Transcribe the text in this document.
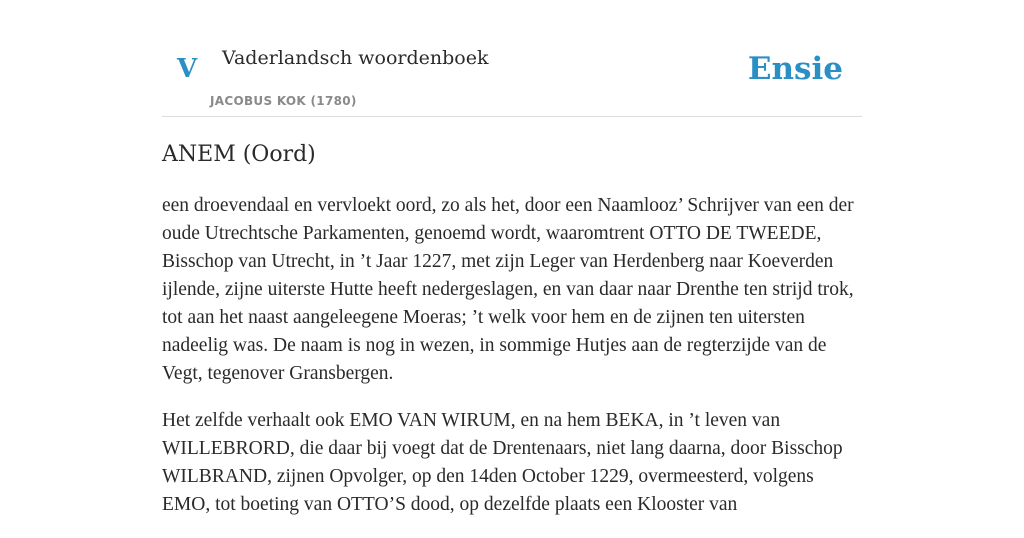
V Vaderlandsch woordenboek
JACOBUS KOK (1780)
Ensie
ANEM (Oord)

een droevendaal en vervloekt oord, zo als het, door een Naamlooz’ Schrijver van een der oude Utrechtsche Parkamenten, genoemd wordt, waaromtrent OTTO DE TWEEDE, Bisschop van Utrecht, in ’t Jaar 1227, met zijn Leger van Herdenberg naar Koeverden ijlende, zijne uiterste Hutte heeft nedergeslagen, en van daar naar Drenthe ten strijd trok, tot aan het naast aangeleegene Moeras; ’t welk voor hem en de zijnen ten uitersten nadeelig was. De naam is nog in wezen, in sommige Hutjes aan de regterzijde van de Vegt, tegenover Gransbergen.

Het zelfde verhaalt ook EMO VAN WIRUM, en na hem BEKA, in ’t leven van WILLEBRORD, die daar bij voegt dat de Drentenaars, niet lang daarna, door Bisschop WILBRAND, zijnen Opvolger, op den 14den October 1229, overmeesterd, volgens EMO, tot boeting van OTTO’S dood, op dezelfde plaats een Klooster van
